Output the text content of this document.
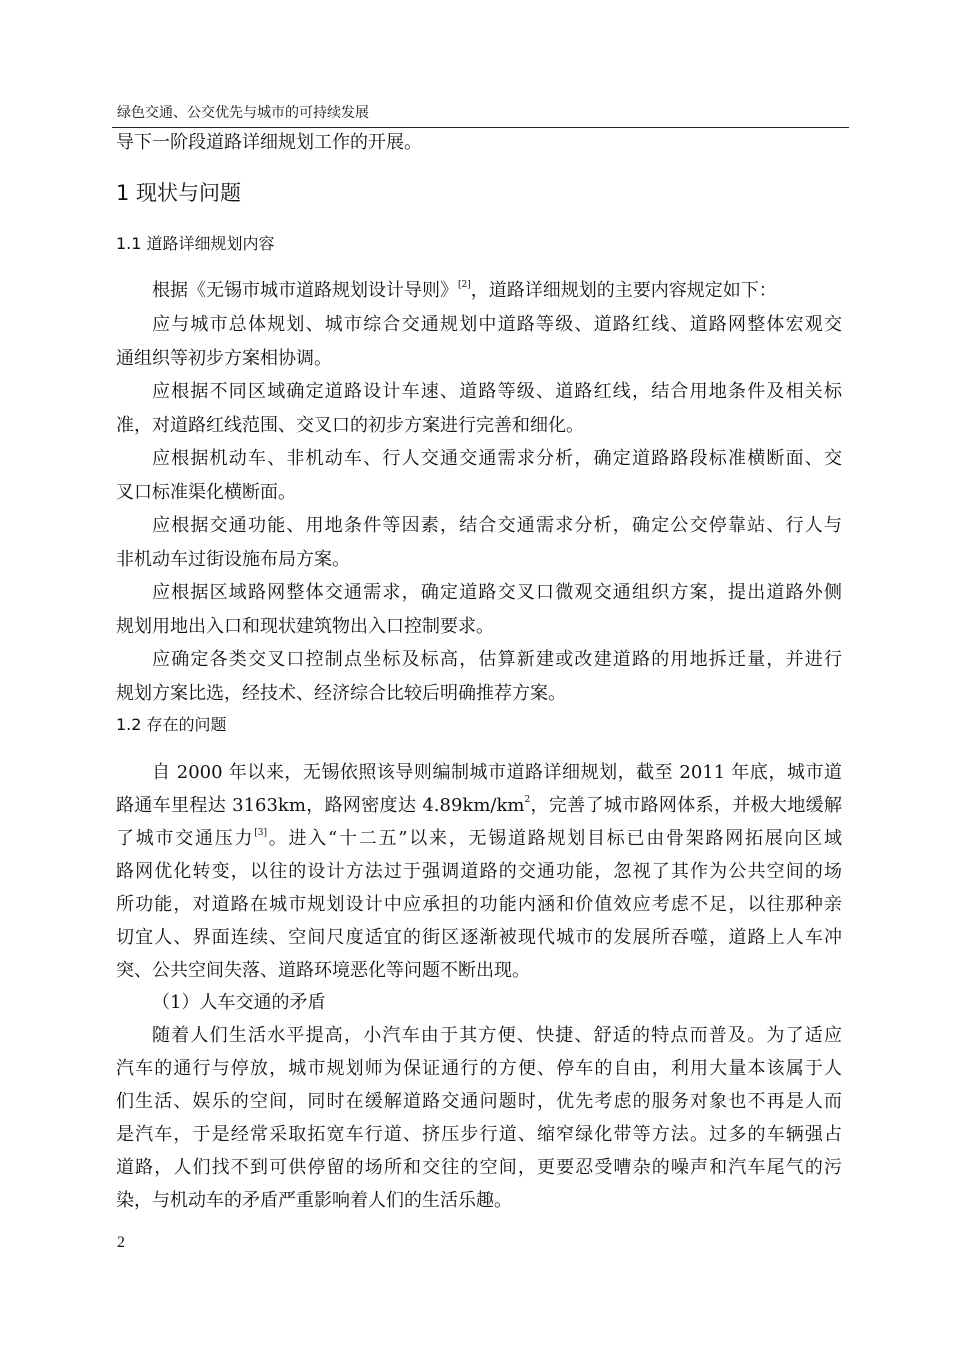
绿色交通、公交优先与城市的可持续发展
导下一阶段道路详细规划工作的开展。
1 现状与问题
1.1 道路详细规划内容
根据《无锡市城市道路规划设计导则》[2]，道路详细规划的主要内容规定如下：
应与城市总体规划、城市综合交通规划中道路等级、道路红线、道路网整体宏观交
通组织等初步方案相协调。
应根据不同区域确定道路设计车速、道路等级、道路红线，结合用地条件及相关标
准，对道路红线范围、交叉口的初步方案进行完善和细化。
应根据机动车、非机动车、行人交通交通需求分析，确定道路路段标准横断面、交
叉口标准渠化横断面。
应根据交通功能、用地条件等因素，结合交通需求分析，确定公交停靠站、行人与
非机动车过街设施布局方案。
应根据区域路网整体交通需求，确定道路交叉口微观交通组织方案，提出道路外侧
规划用地出入口和现状建筑物出入口控制要求。
应确定各类交叉口控制点坐标及标高，估算新建或改建道路的用地拆迁量，并进行
规划方案比选，经技术、经济综合比较后明确推荐方案。
1.2 存在的问题
自 2000 年以来，无锡依照该导则编制城市道路详细规划，截至 2011 年底，城市道
路通车里程达 3163km，路网密度达 $4.89km/km^2$，完善了城市路网体系，并极大地缓解
了城市交通压力[3]。进入“十二五”以来，无锡道路规划目标已由骨架路网拓展向区域
路网优化转变，以往的设计方法过于强调道路的交通功能，忽视了其作为公共空间的场
所功能，对道路在城市规划设计中应承担的功能内涵和价值效应考虑不足，以往那种亲
切宜人、界面连续、空间尺度适宜的街区逐渐被现代城市的发展所吞噬，道路上人车冲
突、公共空间失落、道路环境恶化等问题不断出现。
（1）人车交通的矛盾
随着人们生活水平提高，小汽车由于其方便、快捷、舒适的特点而普及。为了适应
汽车的通行与停放，城市规划师为保证通行的方便、停车的自由，利用大量本该属于人
们生活、娱乐的空间，同时在缓解道路交通问题时，优先考虑的服务对象也不再是人而
是汽车，于是经常采取拓宽车行道、挤压步行道、缩窄绿化带等方法。过多的车辆强占
道路，人们找不到可供停留的场所和交往的空间，更要忍受嘈杂的噪声和汽车尾气的污
染，与机动车的矛盾严重影响着人们的生活乐趣。
2
